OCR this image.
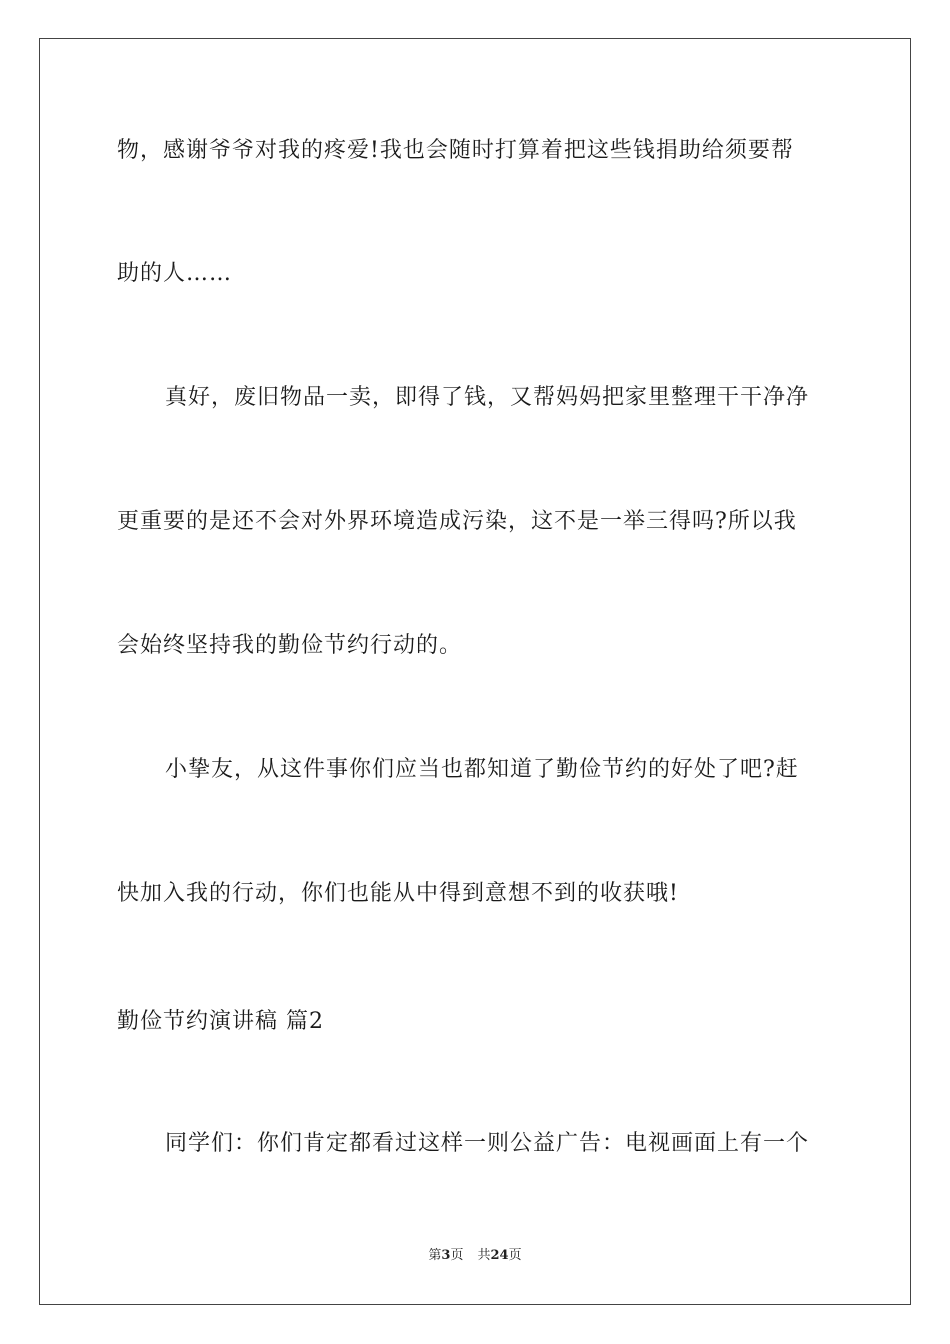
物，感谢爷爷对我的疼爱!我也会随时打算着把这些钱捐助给须要帮
助的人……
真好，废旧物品一卖，即得了钱，又帮妈妈把家里整理干干净净
更重要的是还不会对外界环境造成污染，这不是一举三得吗?所以我
会始终坚持我的勤俭节约行动的。
小挚友，从这件事你们应当也都知道了勤俭节约的好处了吧?赶
快加入我的行动，你们也能从中得到意想不到的收获哦!
勤俭节约演讲稿 篇2
同学们：你们肯定都看过这样一则公益广告：电视画面上有一个
第3页 共24页
